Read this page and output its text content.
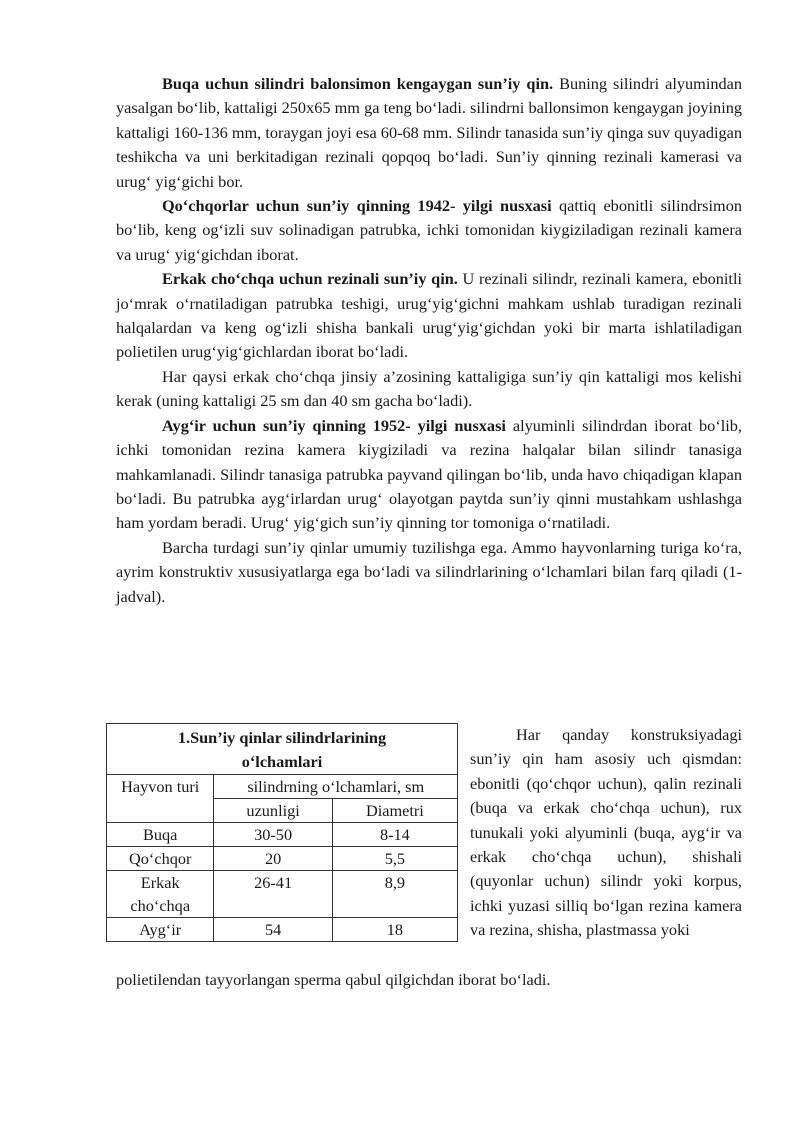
Buqa uchun silindri balonsimon kengaygan sun’iy qin. Buning silindri alyumindan yasalgan bo‘lib, kattaligi 250x65 mm ga teng bo‘ladi. silindrni ballonsimon kengaygan joyining kattaligi 160-136 mm, toraygan joyi esa 60-68 mm. Silindr tanasida sun’iy qinga suv quyadigan teshikcha va uni berkitadigan rezinali qopqoq bo‘ladi. Sun’iy qinning rezinali kamerasi va urug‘ yig‘gichi bor.

Qo‘chqorlar uchun sun’iy qinning 1942- yilgi nusxasi qattiq ebonitli silindrsimon bo‘lib, keng og‘izli suv solinadigan patrubka, ichki tomonidan kiygiziladigan rezinali kamera va urug‘ yig‘gichdan iborat.

Erkak cho‘chqa uchun rezinali sun’iy qin. U rezinali silindr, rezinali kamera, ebonitli jo‘mrak o‘rnatiladigan patrubka teshigi, urug‘yig‘gichni mahkam ushlab turadigan rezinali halqalardan va keng og‘izli shisha bankali urug‘yig‘gichdan yoki bir marta ishlatiladigan polietilen urug‘yig‘gichlardan iborat bo‘ladi.

Har qaysi erkak cho‘chqa jinsiy a’zosining kattaligiga sun’iy qin kattaligi mos kelishi kerak (uning kattaligi 25 sm dan 40 sm gacha bo‘ladi).

Ayg‘ir uchun sun’iy qinning 1952- yilgi nusxasi alyuminli silindrdan iborat bo‘lib, ichki tomonidan rezina kamera kiygiziladi va rezina halqalar bilan silindr tanasiga mahkamlanadi. Silindr tanasiga patrubka payvand qilingan bo‘lib, unda havo chiqadigan klapan bo‘ladi. Bu patrubka ayg‘irlardan urug‘ olayotgan paytda sun’iy qinni mustahkam ushlashga ham yordam beradi. Urug‘ yig‘gich sun’iy qinning tor tomoniga o‘rnatiladi.

Barcha turdagi sun’iy qinlar umumiy tuzilishga ega. Ammo hayvonlarning turiga ko‘ra, ayrim konstruktiv xususiyatlarga ega bo‘ladi va silindrlarining o‘lchamlari bilan farq qiladi (1-jadval).

1.Sun’iy qinlar silindrlarining o‘lchamlari		
Hayvon turi	silindrning o‘lchamlari, sm	
	uzunligi	Diametri
Buqa	30-50	8-14
Qo‘chqor	20	5,5
Erkak cho‘chqa	26-41	8,9
Ayg‘ir	54	18

Har qanday konstruksiyadagi sun’iy qin ham asosiy uch qismdan: ebonitli (qo‘chqor uchun), qalin rezinali (buqa va erkak cho‘chqa uchun), rux tunukali yoki alyuminli (buqa, ayg‘ir va erkak cho‘chqa uchun), shishali (quyonlar uchun) silindr yoki korpus, ichki yuzasi silliq bo‘lgan rezina kamera va rezina, shisha, plastmassa yoki

polietilendan tayyorlangan sperma qabul qilgichdan iborat bo‘ladi.
